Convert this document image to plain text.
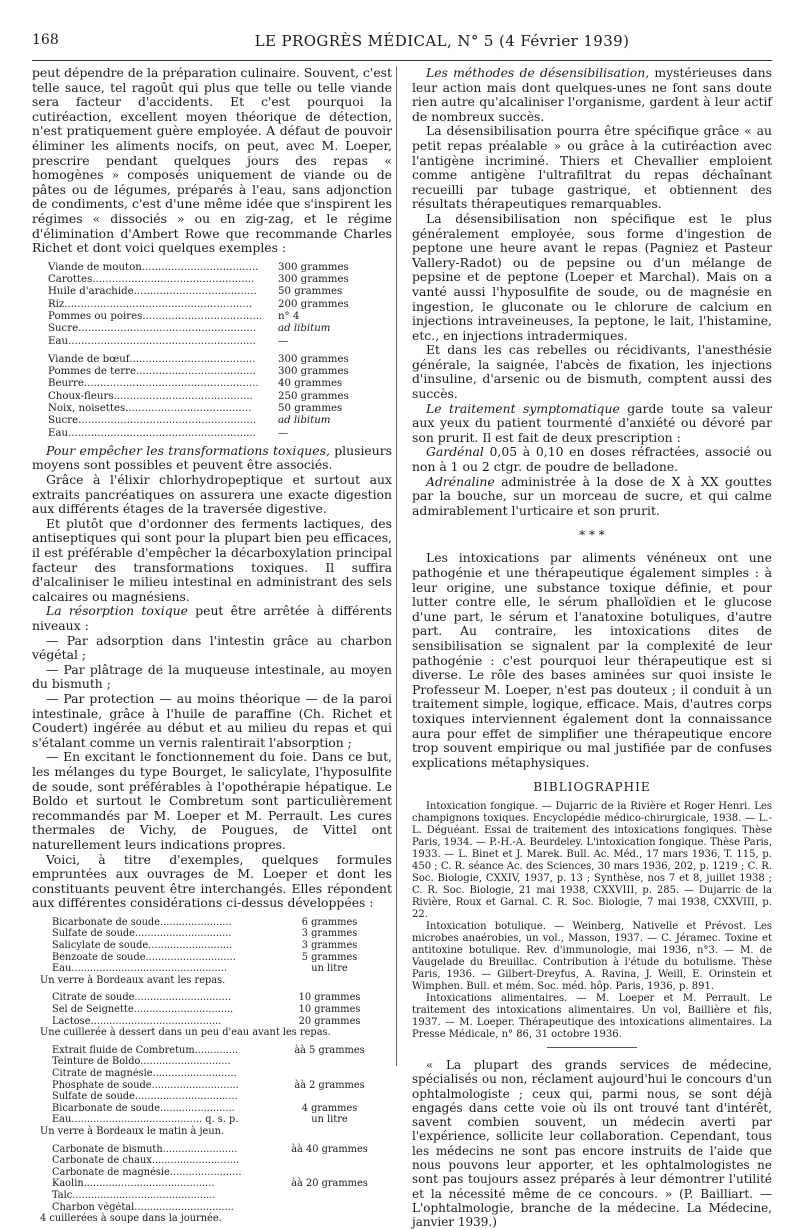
168	LE PROGRÈS MÉDICAL, N° 5 (4 Février 1939)

peut dépendre de la préparation culinaire. Souvent, c'est telle sauce, tel ragoût qui plus que telle ou telle viande sera facteur d'accidents. Et c'est pourquoi la cutiréaction, excellent moyen théorique de détection, n'est pratiquement guère employée. A défaut de pouvoir éliminer les aliments nocifs, on peut, avec M. Loeper, prescrire pendant quelques jours des repas « homogènes » composés uniquement de viande ou de pâtes ou de légumes, préparés à l'eau, sans adjonction de condiments, c'est d'une même idée que s'inspirent les régimes « dissociés » ou en zig-zag, et le régime d'élimination d'Ambert Rowe que recommande Charles Richet et dont voici quelques exemples :

Viande de mouton....................................	300 grammes
Carottes..................................................	300 grammes
Huile d'arachide......................................	50 grammes
Riz..........................................................	200 grammes
Pommes ou poires.....................................	n° 4
Sucre.......................................................	ad libitum
Eau..........................................................	—
Viande de bœuf.......................................	300 grammes
Pommes de terre.....................................	300 grammes
Beurre......................................................	40 grammes
Choux-fleurs...........................................	250 grammes
Noix, noisettes.......................................	50 grammes
Sucre.......................................................	ad libitum
Eau..........................................................	—

Pour empêcher les transformations toxiques, plusieurs moyens sont possibles et peuvent être associés.

Grâce à l'élixir chlorhydropeptique et surtout aux extraits pancréatiques on assurera une exacte digestion aux différents étages de la traversée digestive.

Et plutôt que d'ordonner des ferments lactiques, des antiseptiques qui sont pour la plupart bien peu efficaces, il est préférable d'empêcher la décarboxylation principal facteur des transformations toxiques. Il suffira d'alcaliniser le milieu intestinal en administrant des sels calcaires ou magnésiens.

La résorption toxique peut être arrêtée à différents niveaux :

— Par adsorption dans l'intestin grâce au charbon végétal ;

— Par plâtrage de la muqueuse intestinale, au moyen du bismuth ;

— Par protection — au moins théorique — de la paroi intestinale, grâce à l'huile de paraffine (Ch. Richet et Coudert) ingérée au début et au milieu du repas et qui s'étalant comme un vernis ralentirait l'absorption ;

— En excitant le fonctionnement du foie. Dans ce but, les mélanges du type Bourget, le salicylate, l'hyposulfite de soude, sont préférables à l'opothérapie hépatique. Le Boldo et surtout le Combretum sont particulièrement recommandés par M. Loeper et M. Perrault. Les cures thermales de Vichy, de Pougues, de Vittel ont naturellement leurs indications propres.

Voici, à titre d'exemples, quelques formules empruntées aux ouvrages de M. Loeper et dont les constituants peuvent être interchangés. Elles répondent aux différentes considérations ci-dessus développées :

Bicarbonate de soude.......................	6 grammes
Sulfate de soude...............................	3 grammes
Salicylate de soude...........................	3 grammes
Benzoate de soude.............................	5 grammes
Eau..................................................	un litre
Un verre à Bordeaux avant les repas.
Citrate de soude...............................	10 grammes
Sel de Seignette................................	10 grammes
Lactose..........................................	20 grammes
Une cuillerée à dessert dans un peu d'eau avant les repas.
Extrait fluide de Combretum..............	àà 5 grammes
Teinture de Boldo.............................
Citrate de magnésie...........................
Phosphate de soude............................	àà 2 grammes
Sulfate de soude.................................
Bicarbonate de soude........................	4 grammes
Eau.......................................... q. s. p.	un litre
Un verre à Bordeaux le matin à jeun.
Carbonate de bismuth........................	àà 40 grammes
Carbonate de chaux............................
Carbonate de magnésie.......................
Kaolin..........................................	àà 20 grammes
Talc..............................................
Charbon végétal................................
4 cuillerées à soupe dans la journée.

Les méthodes de désensibilisation, mystérieuses dans leur action mais dont quelques-unes ne font sans doute rien autre qu'alcaliniser l'organisme, gardent à leur actif de nombreux succès.

La désensibilisation pourra être spécifique grâce « au petit repas préalable » ou grâce à la cutiréaction avec l'antigène incriminé. Thiers et Chevallier emploient comme antigène l'ultrafiltrat du repas déchaînant recueilli par tubage gastrique, et obtiennent des résultats thérapeutiques remarquables.

La désensibilisation non spécifique est le plus généralement employée, sous forme d'ingestion de peptone une heure avant le repas (Pagniez et Pasteur Vallery-Radot) ou de pepsine ou d'un mélange de pepsine et de peptone (Loeper et Marchal). Mais on a vanté aussi l'hyposulfite de soude, ou de magnésie en ingestion, le gluconate ou le chlorure de calcium en injections intraveineuses, la peptone, le lait, l'histamine, etc., en injections intradermiques.

Et dans les cas rebelles ou récidivants, l'anesthésie générale, la saignée, l'abcès de fixation, les injections d'insuline, d'arsenic ou de bismuth, comptent aussi des succès.

Le traitement symptomatique garde toute sa valeur aux yeux du patient tourmenté d'anxiété ou dévoré par son prurit. Il est fait de deux prescription :

Gardénal 0,05 à 0,10 en doses réfractées, associé ou non à 1 ou 2 ctgr. de poudre de belladone.

Adrénaline administrée à la dose de X à XX gouttes par la bouche, sur un morceau de sucre, et qui calme admirablement l'urticaire et son prurit.

* * *

Les intoxications par aliments vénéneux ont une pathogénie et une thérapeutique également simples : à leur origine, une substance toxique définie, et pour lutter contre elle, le sérum phalloïdien et le glucose d'une part, le sérum et l'anatoxine botuliques, d'autre part. Au contraire, les intoxications dites de sensibilisation se signalent par la complexité de leur pathogénie : c'est pourquoi leur thérapeutique est si diverse. Le rôle des bases aminées sur quoi insiste le Professeur M. Loeper, n'est pas douteux ; il conduit à un traitement simple, logique, efficace. Mais, d'autres corps toxiques interviennent également dont la connaissance aura pour effet de simplifier une thérapeutique encore trop souvent empirique ou mal justifiée par de confuses explications métaphysiques.

BIBLIOGRAPHIE

Intoxication fongique. — Dujarric de la Rivière et Roger Henri. Les champignons toxiques. Encyclopédie médico-chirurgicale, 1938. — L.-L. Déguéant. Essai de traitement des intoxications fongiques. Thèse Paris, 1934. — P.-H.-A. Beurdeley. L'intoxication fongique. Thèse Paris, 1933. — L. Binet et J. Marek. Bull. Ac. Méd., 17 mars 1936, T. 115, p. 450 ; C. R. séance Ac. des Sciences, 30 mars 1936, 202, p. 1219 ; C. R. Soc. Biologie, CXXIV, 1937, p. 13 ; Synthèse, nos 7 et 8, juillet 1938 ; C. R. Soc. Biologie, 21 mai 1938, CXXVIII, p. 285. — Dujarric de la Rivière, Roux et Garnal. C. R. Soc. Biologie, 7 mai 1938, CXXVIII, p. 22.

Intoxication botulique. — Weinberg, Nativelle et Prévost. Les microbes anaérobies, un vol., Masson, 1937. — C. Jéramec. Toxine et antitoxine botulique. Rev. d'immunologie, mai 1936, n°3. — M. de Vaugelade du Breuillac. Contribution à l'étude du botulisme. Thèse Paris, 1936. — Gilbert-Dreyfus, A. Ravina, J. Weill, E. Orinstein et Wimphen. Bull. et mém. Soc. méd. hôp. Paris, 1936, p. 891.

Intoxications alimentaires. — M. Loeper et M. Perrault. Le traitement des intoxications alimentaires. Un vol, Baillière et fils, 1937. — M. Loeper. Thérapeutique des intoxications alimentaires. La Presse Médicale, n° 86, 31 octobre 1936.

« La plupart des grands services de médecine, spécialisés ou non, réclament aujourd'hui le concours d'un ophtalmologiste ; ceux qui, parmi nous, se sont déjà engagés dans cette voie où ils ont trouvé tant d'intérêt, savent combien souvent, un médecin averti par l'expérience, sollicite leur collaboration. Cependant, tous les médecins ne sont pas encore instruits de l'aide que nous pouvons leur apporter, et les ophtalmologistes ne sont pas toujours assez préparés à leur démontrer l'utilité et la nécessité même de ce concours. » (P. Bailliart. — L'ophtalmologie, branche de la médecine. La Médecine, janvier 1939.)
